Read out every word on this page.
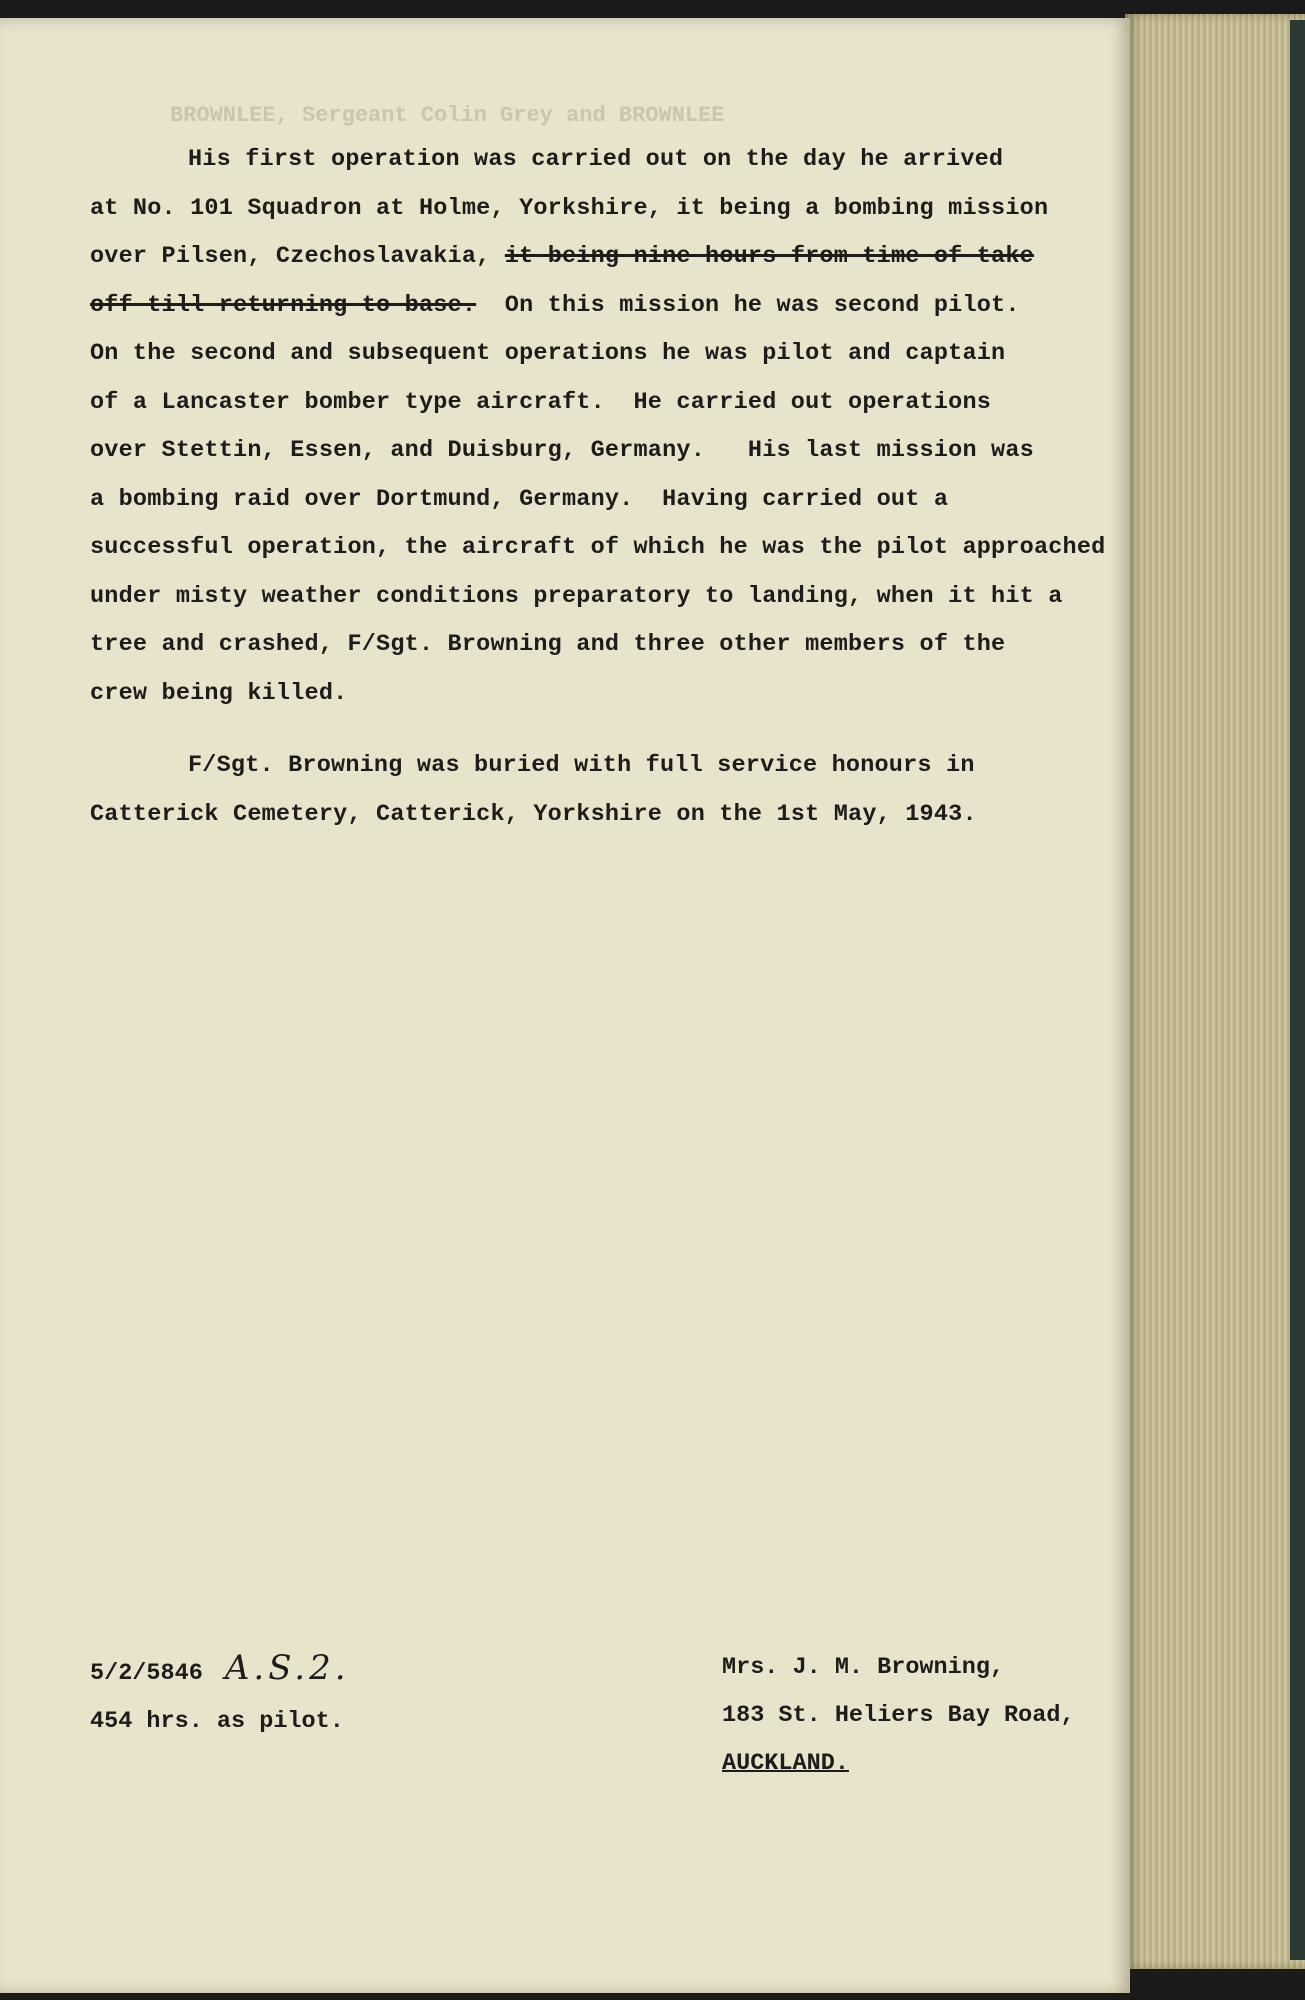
BROWNLEE, Sergeant Colin Grey and BROWNLEE
His first operation was carried out on the day he arrived
at No. 101 Squadron at Holme, Yorkshire, it being a bombing mission
over Pilsen, Czechoslavakia, it being nine hours from time of take
off till returning to base. On this mission he was second pilot.
On the second and subsequent operations he was pilot and captain
of a Lancaster bomber type aircraft.  He carried out operations
over Stettin, Essen, and Duisburg, Germany.   His last mission was
a bombing raid over Dortmund, Germany.  Having carried out a
successful operation, the aircraft of which he was the pilot approached
under misty weather conditions preparatory to landing, when it hit a
tree and crashed, F/Sgt. Browning and three other members of the
crew being killed.
F/Sgt. Browning was buried with full service honours in
Catterick Cemetery, Catterick, Yorkshire on the 1st May, 1943.
5/2/5846 A.S.2.
454 hrs. as pilot.
Mrs. J. M. Browning,
183 St. Heliers Bay Road,
AUCKLAND.
